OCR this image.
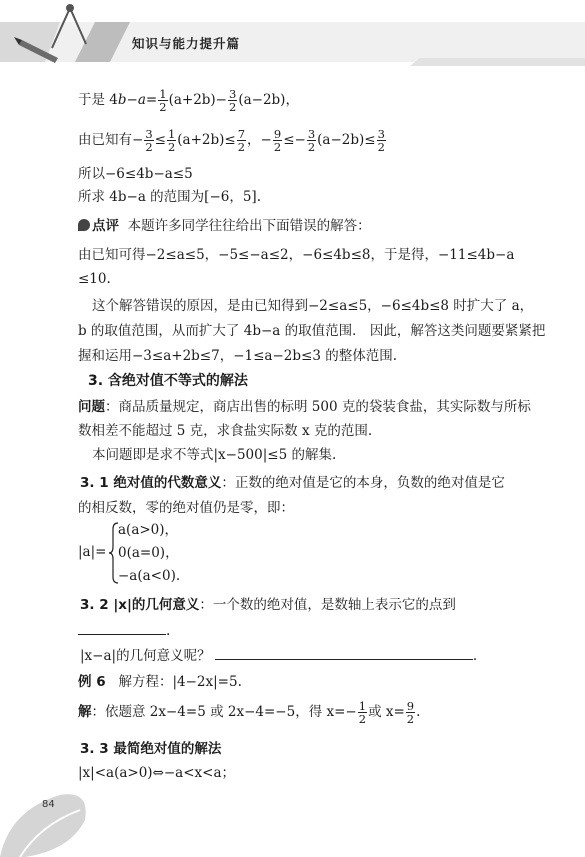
知识与能力提升篇
于是 $4b-a= \frac{1}{2} (a+2b)- \frac{3}{2} (a-2b)$，
由已知有− $\frac{3}{2} \le \frac{1}{2} (a+2b)\le \frac{7}{2}$ ，− $\frac{9}{2} \le- \frac{3}{2} (a-2b)\le \frac{3}{2}$
所以−6≤4b−a≤5
所求 4b−a 的范围为[−6，5].
点评 本题许多同学往往给出下面错误的解答：
由已知可得−2≤a≤5，−5≤−a≤2，−6≤4b≤8，于是得，−11≤4b−a
≤10.
这个解答错误的原因，是由已知得到−2≤a≤5，−6≤4b≤8 时扩大了 a，
b 的取值范围，从而扩大了 4b−a 的取值范围． 因此，解答这类问题要紧紧把
握和运用−3≤a+2b≤7，−1≤a−2b≤3 的整体范围.
3. 含绝对值不等式的解法
问题：商品质量规定，商店出售的标明 500 克的袋装食盐，其实际数与所标
数相差不能超过 5 克，求食盐实际数 x 克的范围.
本问题即是求不等式|x−500|≤5 的解集.
3. 1 绝对值的代数意义：正数的绝对值是它的本身，负数的绝对值是它
的相反数，零的绝对值仍是零，即：
|a|=
a(a>0)，
0(a=0)，
−a(a<0).
3. 2 |x|的几何意义：一个数的绝对值，是数轴上表示它的点到
.
|x−a|的几何意义呢？	.
例 6 解方程：|4−2x|=5.
解：依题意 2x−4=5 或 2x−4=−5，得 $x=- \frac{1}{2}$ 或 $x= \frac{9}{2}$ .
3. 3 最简绝对值的解法
|x|<a(a>0)⇔−a<x<a；
84
